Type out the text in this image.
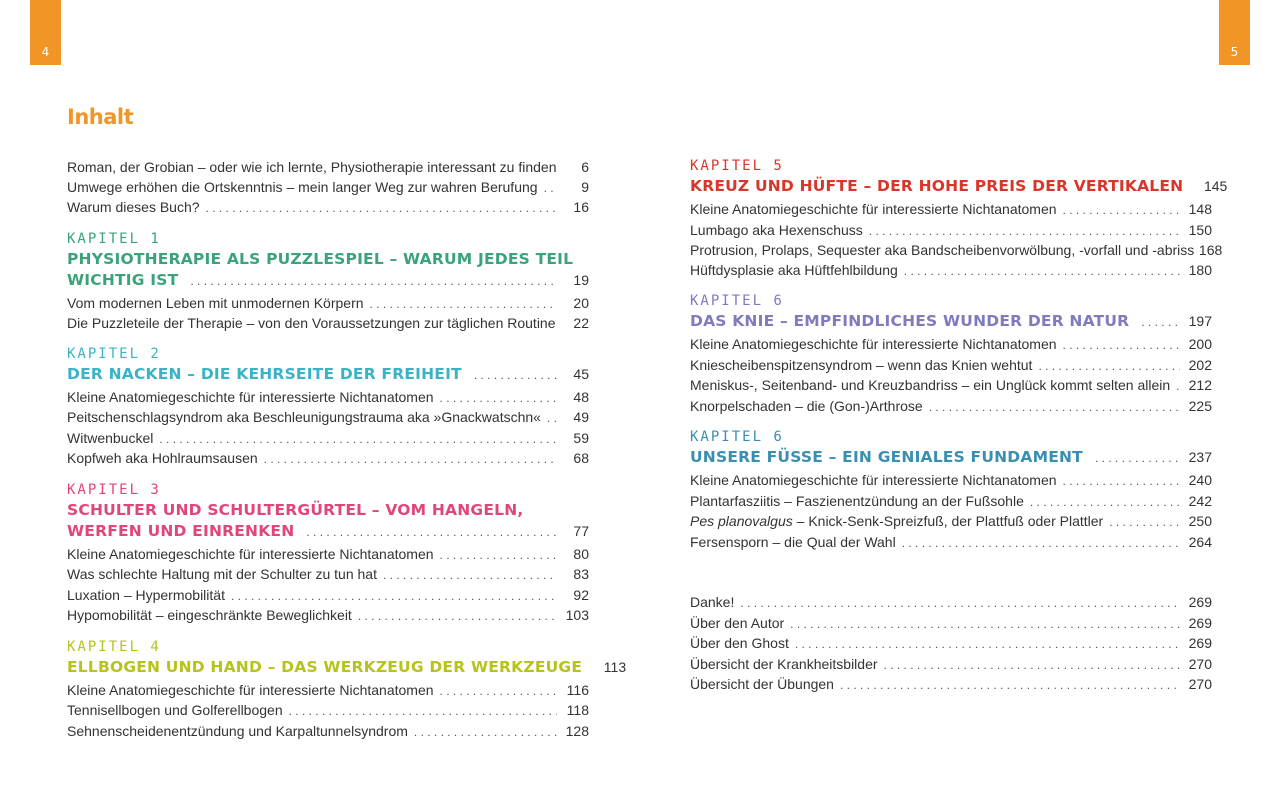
4	5
Inhalt
Roman, der Grobian – oder wie ich lernte, Physiotherapie interessant zu finden	6
Umwege erhöhen die Ortskenntnis – mein langer Weg zur wahren Berufung . . .	9
Warum dieses Buch? . . .	16
KAPITEL 1
PHYSIOTHERAPIE ALS PUZZLESPIEL – WARUM JEDES TEIL
WICHTIG IST . . .	19
Vom modernen Leben mit unmodernen Körpern . . .	20
Die Puzzleteile der Therapie – von den Voraussetzungen zur täglichen Routine	22
KAPITEL 2
DER NACKEN – DIE KEHRSEITE DER FREIHEIT . . .	45
Kleine Anatomiegeschichte für interessierte Nichtanatomen . . .	48
Peitschenschlagsyndrom aka Beschleunigungstrauma aka »Gnackwatschn« . . .	49
Witwenbuckel . . .	59
Kopfweh aka Hohlraumsausen . . .	68
KAPITEL 3
SCHULTER UND SCHULTERGÜRTEL – VOM HANGELN,
WERFEN UND EINRENKEN . . .	77
Kleine Anatomiegeschichte für interessierte Nichtanatomen . . .	80
Was schlechte Haltung mit der Schulter zu tun hat . . .	83
Luxation – Hypermobilität . . .	92
Hypomobilität – eingeschränkte Beweglichkeit . . .	103
KAPITEL 4
ELLBOGEN UND HAND – DAS WERKZEUG DER WERKZEUGE 113
Kleine Anatomiegeschichte für interessierte Nichtanatomen . . .	116
Tennisellbogen und Golferellbogen . . .	118
Sehnenscheidenentzündung und Karpaltunnelsyndrom . . .	128
KAPITEL 5
KREUZ UND HÜFTE – DER HOHE PREIS DER VERTIKALEN 145
Kleine Anatomiegeschichte für interessierte Nichtanatomen . . .	148
Lumbago aka Hexenschuss . . .	150
Protrusion, Prolaps, Sequester aka Bandscheibenvorwölbung, -vorfall und -abriss 168
Hüftdysplasie aka Hüftfehlbildung . . .	180
KAPITEL 6
DAS KNIE – EMPFINDLICHES WUNDER DER NATUR . . .	197
Kleine Anatomiegeschichte für interessierte Nichtanatomen . . .	200
Kniescheibenspitzensyndrom – wenn das Knien wehtut . . .	202
Meniskus-, Seitenband- und Kreuzbandriss – ein Unglück kommt selten allein . . . 212
Knorpelschaden – die (Gon-)Arthrose . . .	225
KAPITEL 6
UNSERE FÜSSE – EIN GENIALES FUNDAMENT . . .	237
Kleine Anatomiegeschichte für interessierte Nichtanatomen . . .	240
Plantarfasziitis – Faszienentzündung an der Fußsohle . . .	242
Pes planovalgus – Knick-Senk-Spreizfuß, der Plattfuß oder Plattler . . .	250
Fersensporn – die Qual der Wahl . . .	264
Danke! . . .	269
Über den Autor . . .	269
Über den Ghost . . .	269
Übersicht der Krankheitsbilder . . .	270
Übersicht der Übungen . . .	270
